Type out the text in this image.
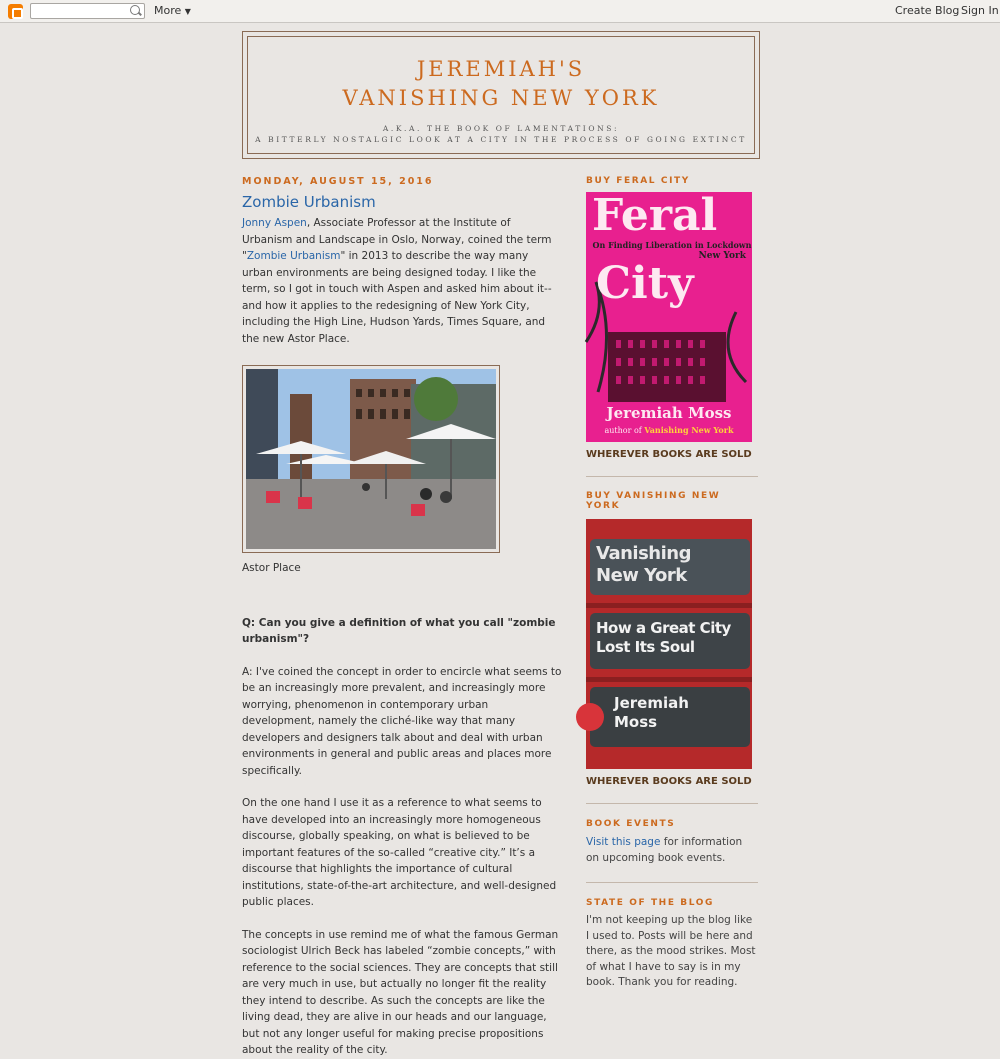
More ▼	Create Blog Sign In
JEREMIAH'S
VANISHING NEW YORK
A.K.A. THE BOOK OF LAMENTATIONS:
A BITTERLY NOSTALGIC LOOK AT A CITY IN THE PROCESS OF GOING EXTINCT
MONDAY, AUGUST 15, 2016
Zombie Urbanism

Jonny Aspen, Associate Professor at the Institute of Urbanism and Landscape in Oslo, Norway, coined the term "Zombie Urbanism" in 2013 to describe the way many urban environments are being designed today. I like the term, so I got in touch with Aspen and asked him about it--and how it applies to the redesigning of New York City, including the High Line, Hudson Yards, Times Square, and the new Astor Place.

Astor Place

Q: Can you give a definition of what you call "zombie urbanism"?

A: I've coined the concept in order to encircle what seems to be an increasingly more prevalent, and increasingly more worrying, phenomenon in contemporary urban development, namely the cliché-like way that many developers and designers talk about and deal with urban environments in general and public areas and places more specifically.

On the one hand I use it as a reference to what seems to have developed into an increasingly more homogeneous discourse, globally speaking, on what is believed to be important features of the so-called “creative city.” It’s a discourse that highlights the importance of cultural institutions, state-of-the-art architecture, and well-designed public places.

The concepts in use remind me of what the famous German sociologist Ulrich Beck has labeled “zombie concepts,” with reference to the social sciences. They are concepts that still are very much in use, but actually no longer fit the reality they intend to describe. As such the concepts are like the living dead, they are alive in our heads and our language, but not any longer useful for making precise propositions about the reality of the city.

BUY FERAL CITY
Feral
On Finding Liberation in Lockdown
New York
City
Jeremiah Moss
author of Vanishing New York
WHEREVER BOOKS ARE SOLD
BUY VANISHING NEW YORK
Vanishing
New York
How a Great City
Lost Its Soul
Jeremiah
Moss
WHEREVER BOOKS ARE SOLD
BOOK EVENTS

Visit this page for information on upcoming book events.

STATE OF THE BLOG

I'm not keeping up the blog like I used to. Posts will be here and there, as the mood strikes. Most of what I have to say is in my book. Thank you for reading.
